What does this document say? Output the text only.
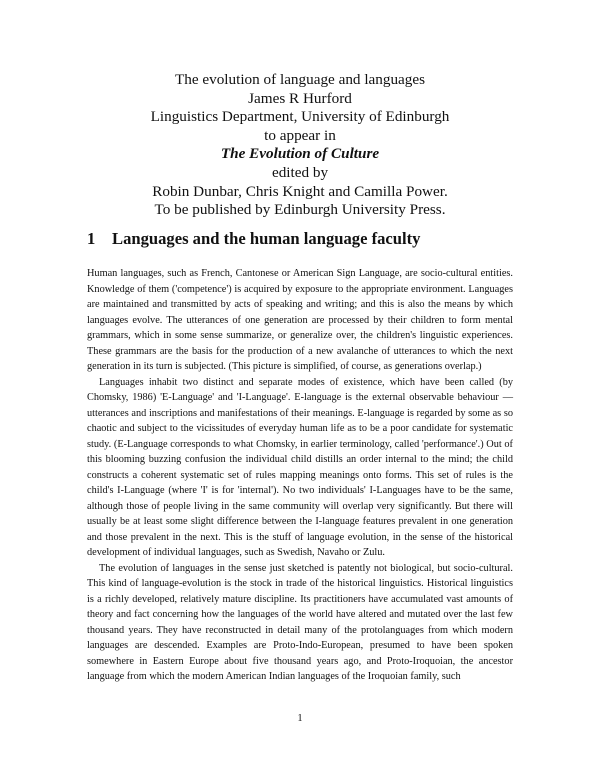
The evolution of language and languages
James R Hurford
Linguistics Department, University of Edinburgh
to appear in
The Evolution of Culture
edited by
Robin Dunbar, Chris Knight and Camilla Power.
To be published by Edinburgh University Press.
1 Languages and the human language faculty

Human languages, such as French, Cantonese or American Sign Language, are socio-cultural entities. Knowledge of them ('competence') is acquired by exposure to the appropriate environment. Languages are maintained and transmitted by acts of speaking and writing; and this is also the means by which languages evolve. The utterances of one generation are processed by their children to form mental grammars, which in some sense summarize, or generalize over, the children's linguistic experiences. These grammars are the basis for the production of a new avalanche of utterances to which the next generation in its turn is subjected. (This picture is simplified, of course, as generations overlap.)

Languages inhabit two distinct and separate modes of existence, which have been called (by Chomsky, 1986) 'E-Language' and 'I-Language'. E-language is the external observable behaviour — utterances and inscriptions and manifestations of their meanings. E-language is regarded by some as so chaotic and subject to the vicissitudes of everyday human life as to be a poor candidate for systematic study. (E-Language corresponds to what Chomsky, in earlier terminology, called 'performance'.) Out of this blooming buzzing confusion the individual child distills an order internal to the mind; the child constructs a coherent systematic set of rules mapping meanings onto forms. This set of rules is the child's I-Language (where 'I' is for 'internal'). No two individuals' I-Languages have to be the same, although those of people living in the same community will overlap very significantly. But there will usually be at least some slight difference between the I-language features prevalent in one generation and those prevalent in the next. This is the stuff of language evolution, in the sense of the historical development of individual languages, such as Swedish, Navaho or Zulu.

The evolution of languages in the sense just sketched is patently not biological, but socio-cultural. This kind of language-evolution is the stock in trade of the historical linguistics. Historical linguistics is a richly developed, relatively mature discipline. Its practitioners have accumulated vast amounts of theory and fact concerning how the languages of the world have altered and mutated over the last few thousand years. They have reconstructed in detail many of the protolanguages from which modern languages are descended. Examples are Proto-Indo-European, presumed to have been spoken somewhere in Eastern Europe about five thousand years ago, and Proto-Iroquoian, the ancestor language from which the modern American Indian languages of the Iroquoian family, such

1
